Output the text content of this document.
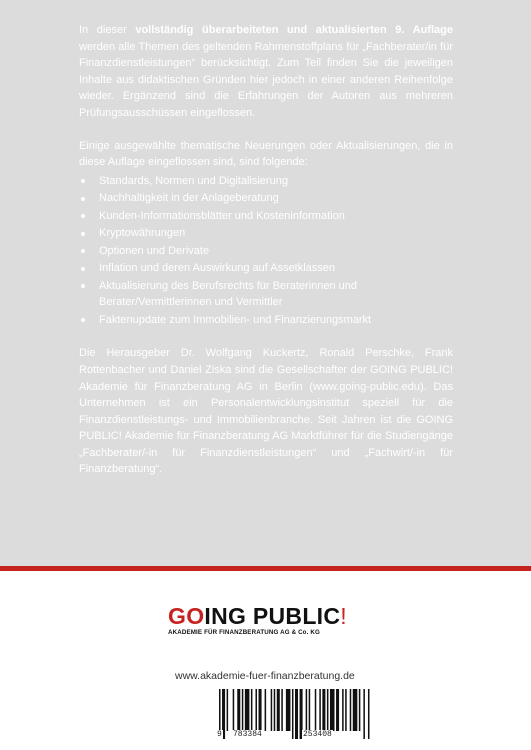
In dieser vollständig überarbeiteten und aktualisierten 9. Auflage werden alle Themen des geltenden Rahmenstoffplans für „Fachberater/in für Finanzdienstleistungen“ berücksichtigt. Zum Teil finden Sie die jeweiligen Inhalte aus didaktischen Gründen hier jedoch in einer anderen Reihenfolge wieder. Ergänzend sind die Erfahrungen der Autoren aus mehreren Prüfungsausschüssen eingeflossen.

Einige ausgewählte thematische Neuerungen oder Aktualisierungen, die in diese Auflage eingeflossen sind, sind folgende:

Standards, Normen und Digitalisierung
Nachhaltigkeit in der Anlageberatung
Kunden-Informationsblätter und Kosteninformation
Kryptowährungen
Optionen und Derivate
Inflation und deren Auswirkung auf Assetklassen
Aktualisierung des Berufsrechts für Beraterinnen und Berater/Vermittlerinnen und Vermittler
Faktenupdate zum Immobilien- und Finanzierungsmarkt

Die Herausgeber Dr. Wolfgang Kuckertz, Ronald Perschke, Frank Rottenbacher und Daniel Ziska sind die Gesellschafter der GOING PUBLIC! Akademie für Finanzberatung AG in Berlin (www.going-public.edu). Das Unternehmen ist ein Personalentwicklungsinstitut speziell für die Finanzdienstleistungs- und Immobilienbranche. Seit Jahren ist die GOING PUBLIC! Akademie für Finanzberatung AG Marktführer für die Studiengänge „Fachberater/-in für Finanzdienstleistungen“ und „Fachwirt/-in für Finanzberatung“.

GOING PUBLIC!
AKADEMIE FÜR FINANZBERATUNG AG & Co. KG
www.akademie-fuer-finanzberatung.de
9 783384	253408
